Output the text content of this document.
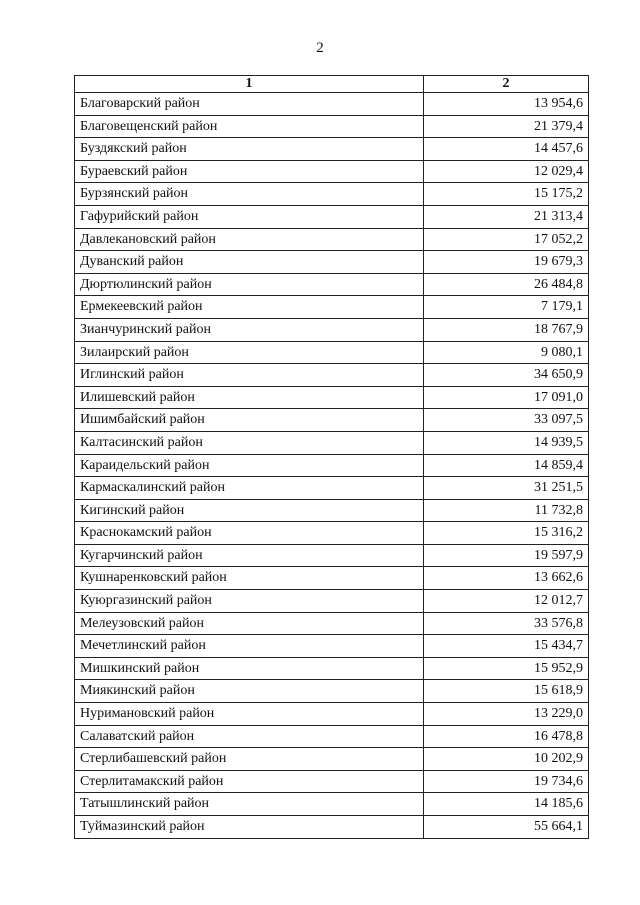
2
1	2
Благоварский район	13 954,6
Благовещенский район	21 379,4
Буздякский район	14 457,6
Бураевский район	12 029,4
Бурзянский район	15 175,2
Гафурийский район	21 313,4
Давлекановский район	17 052,2
Дуванский район	19 679,3
Дюртюлинский район	26 484,8
Ермекеевский район	7 179,1
Зианчуринский район	18 767,9
Зилаирский район	9 080,1
Иглинский район	34 650,9
Илишевский район	17 091,0
Ишимбайский район	33 097,5
Калтасинский район	14 939,5
Караидельский район	14 859,4
Кармаскалинский район	31 251,5
Кигинский район	11 732,8
Краснокамский район	15 316,2
Кугарчинский район	19 597,9
Кушнаренковский район	13 662,6
Куюргазинский район	12 012,7
Мелеузовский район	33 576,8
Мечетлинский район	15 434,7
Мишкинский район	15 952,9
Миякинский район	15 618,9
Нуримановский район	13 229,0
Салаватский район	16 478,8
Стерлибашевский район	10 202,9
Стерлитамакский район	19 734,6
Татышлинский район	14 185,6
Туймазинский район	55 664,1
